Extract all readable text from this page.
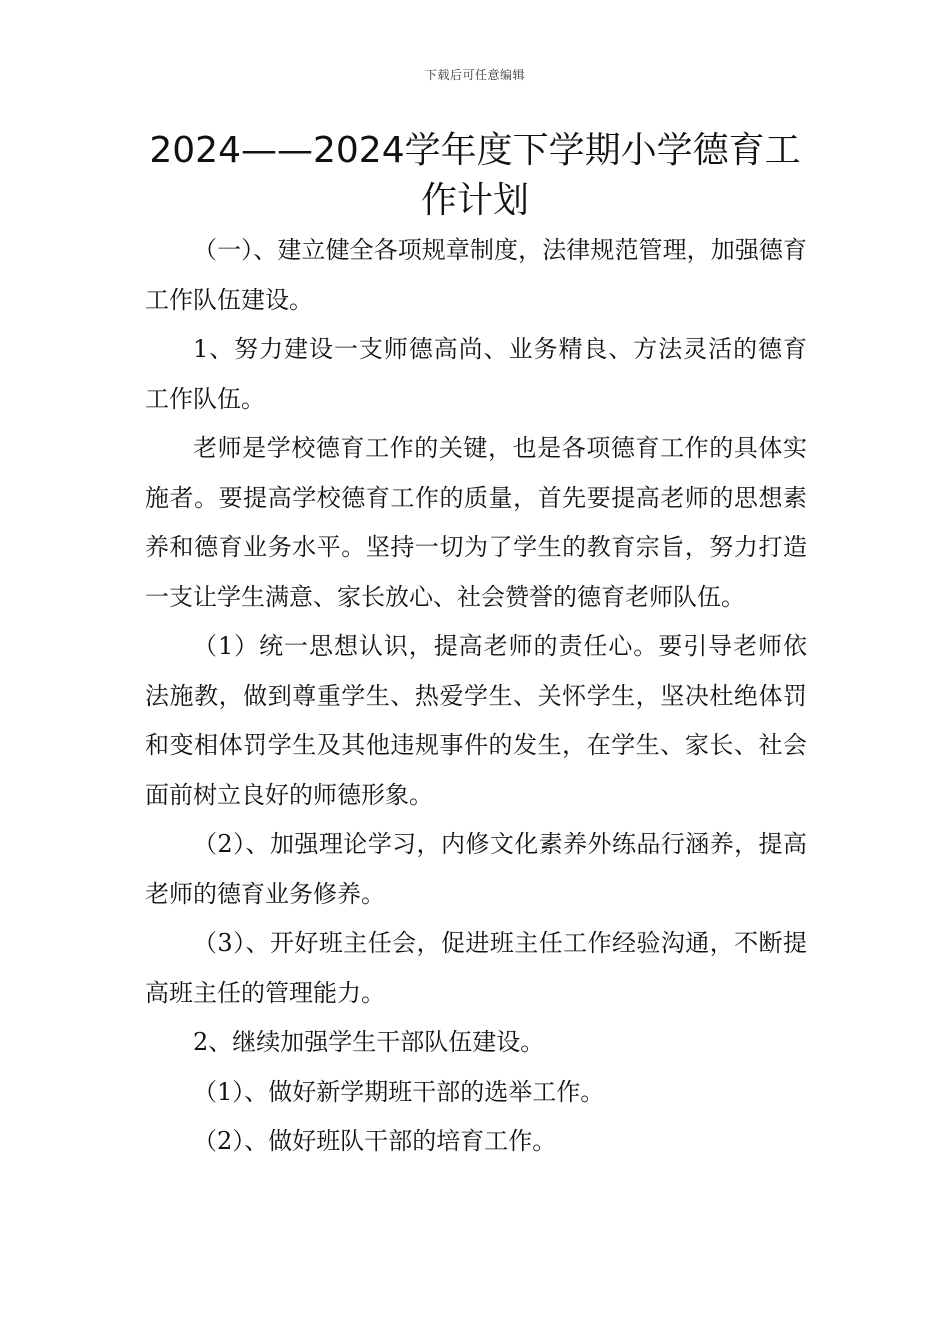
下载后可任意编辑
2024——2024学年度下学期小学德育工作计划

（一）、建立健全各项规章制度，法律规范管理，加强德育工作队伍建设。

1、努力建设一支师德高尚、业务精良、方法灵活的德育工作队伍。

老师是学校德育工作的关键，也是各项德育工作的具体实施者。要提高学校德育工作的质量，首先要提高老师的思想素养和德育业务水平。坚持一切为了学生的教育宗旨，努力打造一支让学生满意、家长放心、社会赞誉的德育老师队伍。

（1）统一思想认识，提高老师的责任心。要引导老师依法施教，做到尊重学生、热爱学生、关怀学生，坚决杜绝体罚和变相体罚学生及其他违规事件的发生，在学生、家长、社会面前树立良好的师德形象。

（2）、加强理论学习，内修文化素养外练品行涵养，提高老师的德育业务修养。

（3）、开好班主任会，促进班主任工作经验沟通，不断提高班主任的管理能力。

2、继续加强学生干部队伍建设。

（1）、做好新学期班干部的选举工作。

（2）、做好班队干部的培育工作。
